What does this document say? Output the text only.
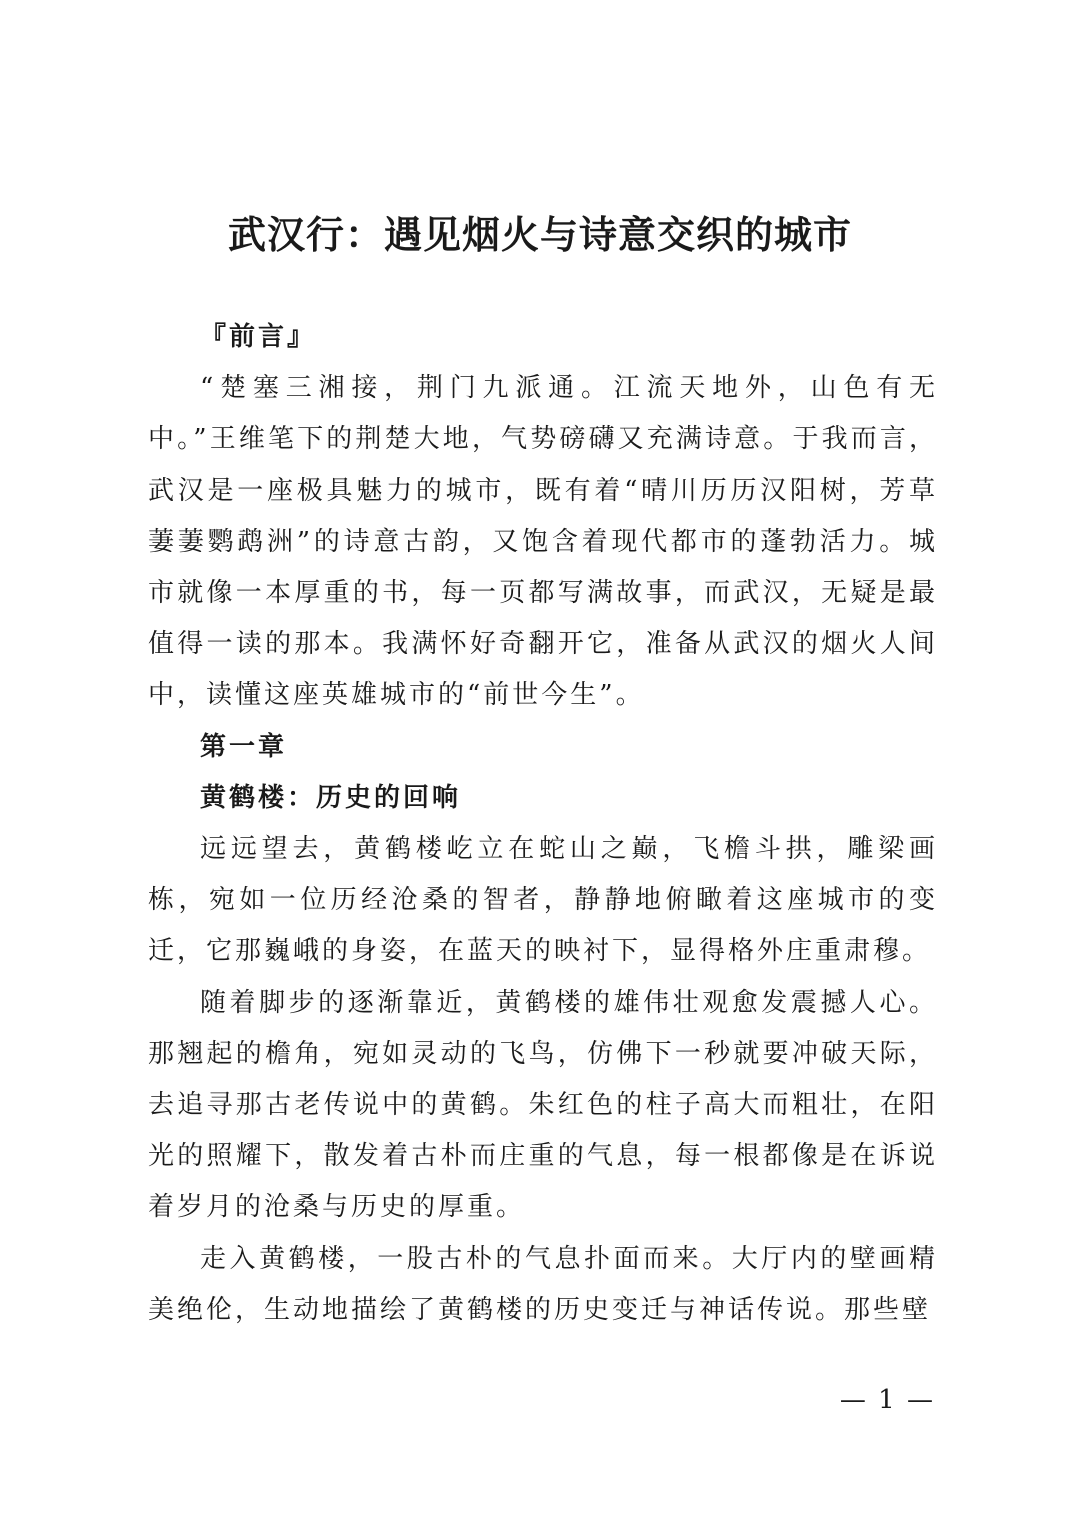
武汉行：遇见烟火与诗意交织的城市

『前言』

“楚塞三湘接，荆门九派通。江流天地外，山色有无中。”王维笔下的荆楚大地，气势磅礴又充满诗意。于我而言，武汉是一座极具魅力的城市，既有着“晴川历历汉阳树，芳草萋萋鹦鹉洲”的诗意古韵，又饱含着现代都市的蓬勃活力。城市就像一本厚重的书，每一页都写满故事，而武汉，无疑是最值得一读的那本。我满怀好奇翻开它，准备从武汉的烟火人间中，读懂这座英雄城市的“前世今生”。

第一章

黄鹤楼：历史的回响

远远望去，黄鹤楼屹立在蛇山之巅，飞檐斗拱，雕梁画栋，宛如一位历经沧桑的智者，静静地俯瞰着这座城市的变迁，它那巍峨的身姿，在蓝天的映衬下，显得格外庄重肃穆。

随着脚步的逐渐靠近，黄鹤楼的雄伟壮观愈发震撼人心。那翘起的檐角，宛如灵动的飞鸟，仿佛下一秒就要冲破天际，去追寻那古老传说中的黄鹤。朱红色的柱子高大而粗壮，在阳光的照耀下，散发着古朴而庄重的气息，每一根都像是在诉说着岁月的沧桑与历史的厚重。

走入黄鹤楼，一股古朴的气息扑面而来。大厅内的壁画精美绝伦，生动地描绘了黄鹤楼的历史变迁与神话传说。那些壁

— 1 —
